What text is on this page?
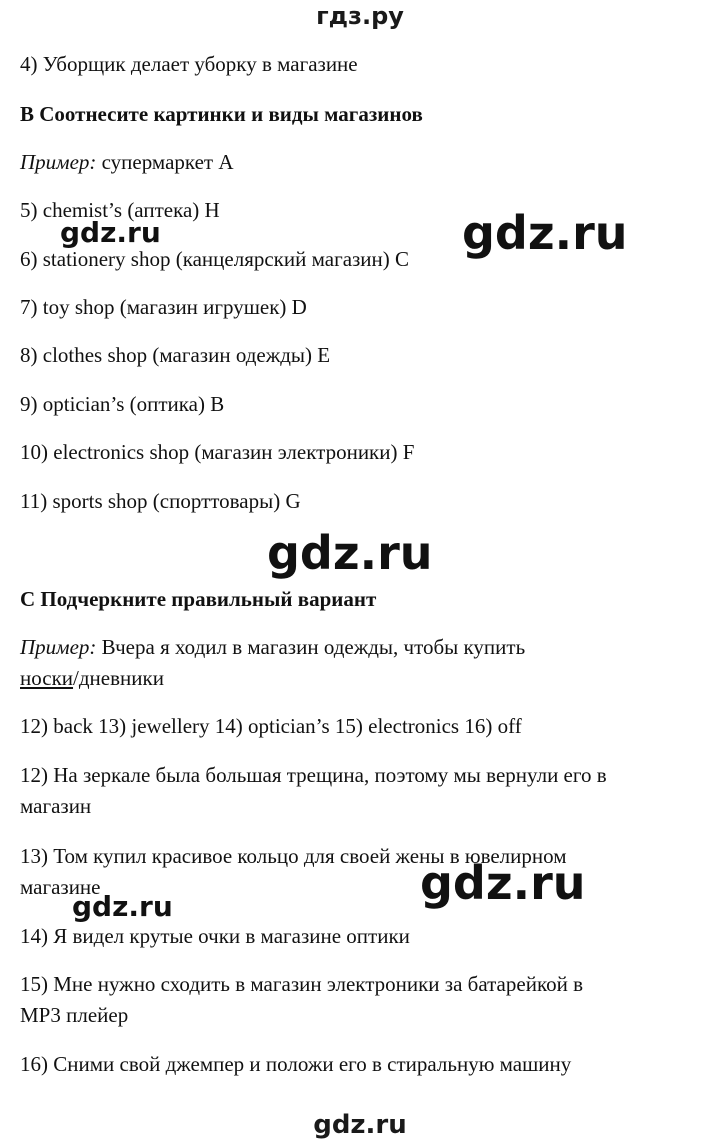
гдз.ру
4) Уборщик делает уборку в магазине
B Соотнесите картинки и виды магазинов
Пример: супермаркет A
5) chemist’s (аптека) H
6) stationery shop (канцелярский магазин) C
7) toy shop (магазин игрушек) D
8) clothes shop (магазин одежды) E
9) optician’s (оптика) B
10) electronics shop (магазин электроники) F
11) sports shop (спорттовары) G
C Подчеркните правильный вариант
Пример: Вчера я ходил в магазин одежды, чтобы купить
носки/дневники
12) back 13) jewellery 14) optician’s 15) electronics 16) off
12) На зеркале была большая трещина, поэтому мы вернули его в
магазин
13) Том купил красивое кольцо для своей жены в ювелирном
магазине
14) Я видел крутые очки в магазине оптики
15) Мне нужно сходить в магазин электроники за батарейкой в
MP3 плейер
16) Сними свой джемпер и положи его в стиральную машину
gdz.ru
gdz.ru
gdz.ru
gdz.ru
gdz.ru
gdz.ru
